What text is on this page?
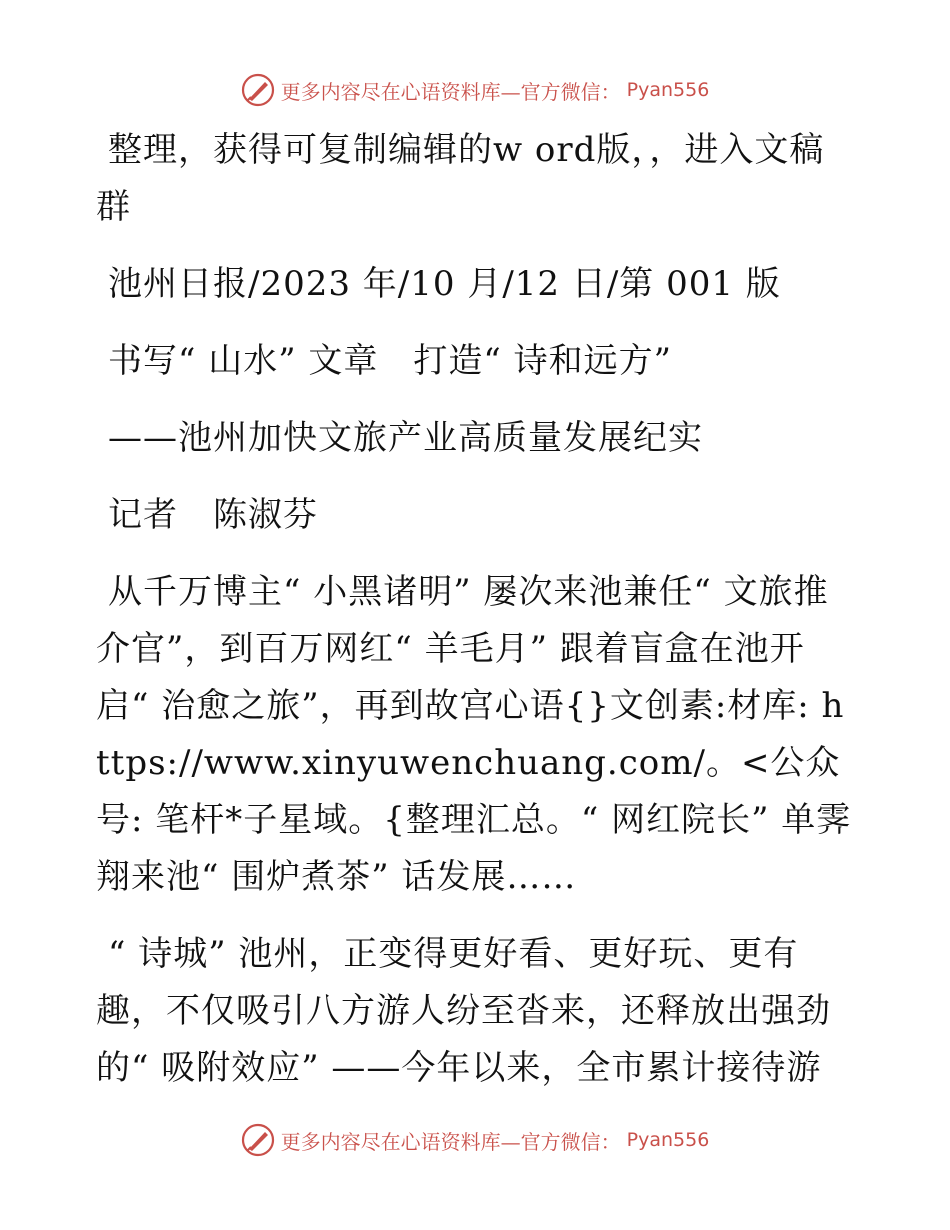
更多内容尽在心语资料库—官方微信： Pyan556

整理，获得可复制编辑的w ord版，，进入文稿群

池州日报/2023 年/10 月/12 日/第 001 版

书写“ 山水” 文章　打造“ 诗和远方”

——池州加快文旅产业高质量发展纪实

记者　陈淑芬

从千万博主“ 小黑诸明” 屡次来池兼任“ 文旅推介官”，到百万网红“ 羊毛月” 跟着盲盒在池开启“ 治愈之旅”，再到故宫心语{}文创素:材库: https://www.xinyuwenchuang.com/。<公众号: 笔杆*子星域。{整理汇总。“ 网红院长” 单霁翔来池“ 围炉煮茶” 话发展……

“ 诗城” 池州，正变得更好看、更好玩、更有趣，不仅吸引八方游人纷至沓来，还释放出强劲的“ 吸附效应” ——今年以来，全市累计接待游

更多内容尽在心语资料库—官方微信： Pyan556
